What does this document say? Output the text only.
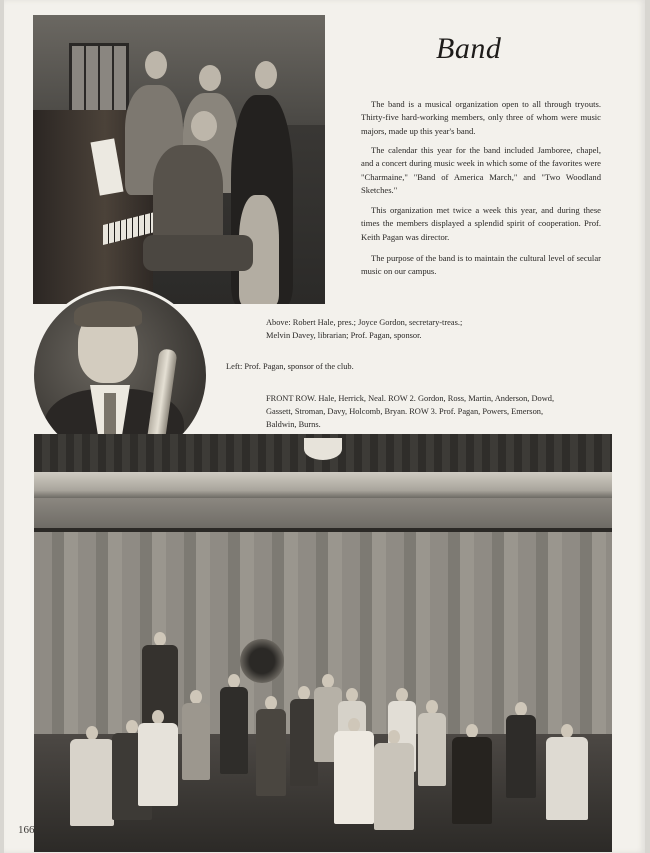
Band

The band is a musical organization open to all through tryouts. Thirty-five hard-working members, only three of whom were music majors, made up this year's band.

The calendar this year for the band included Jamboree, chapel, and a concert during music week in which some of the favorites were "Charmaine," "Band of America March," and "Two Woodland Sketches."

This organization met twice a week this year, and during these times the members displayed a splendid spirit of cooperation. Prof. Keith Pagan was director.

The purpose of the band is to maintain the cultural level of secular music on our campus.

Above: Robert Hale, pres.; Joyce Gordon, secretary-treas.; Melvin Davey, librarian; Prof. Pagan, sponsor.

Left: Prof. Pagan, sponsor of the club.

FRONT ROW. Hale, Herrick, Neal. ROW 2. Gordon, Ross, Martin, Anderson, Dowd, Gassett, Stroman, Davy, Holcomb, Bryan. ROW 3. Prof. Pagan, Powers, Emerson, Baldwin, Burns.

166
